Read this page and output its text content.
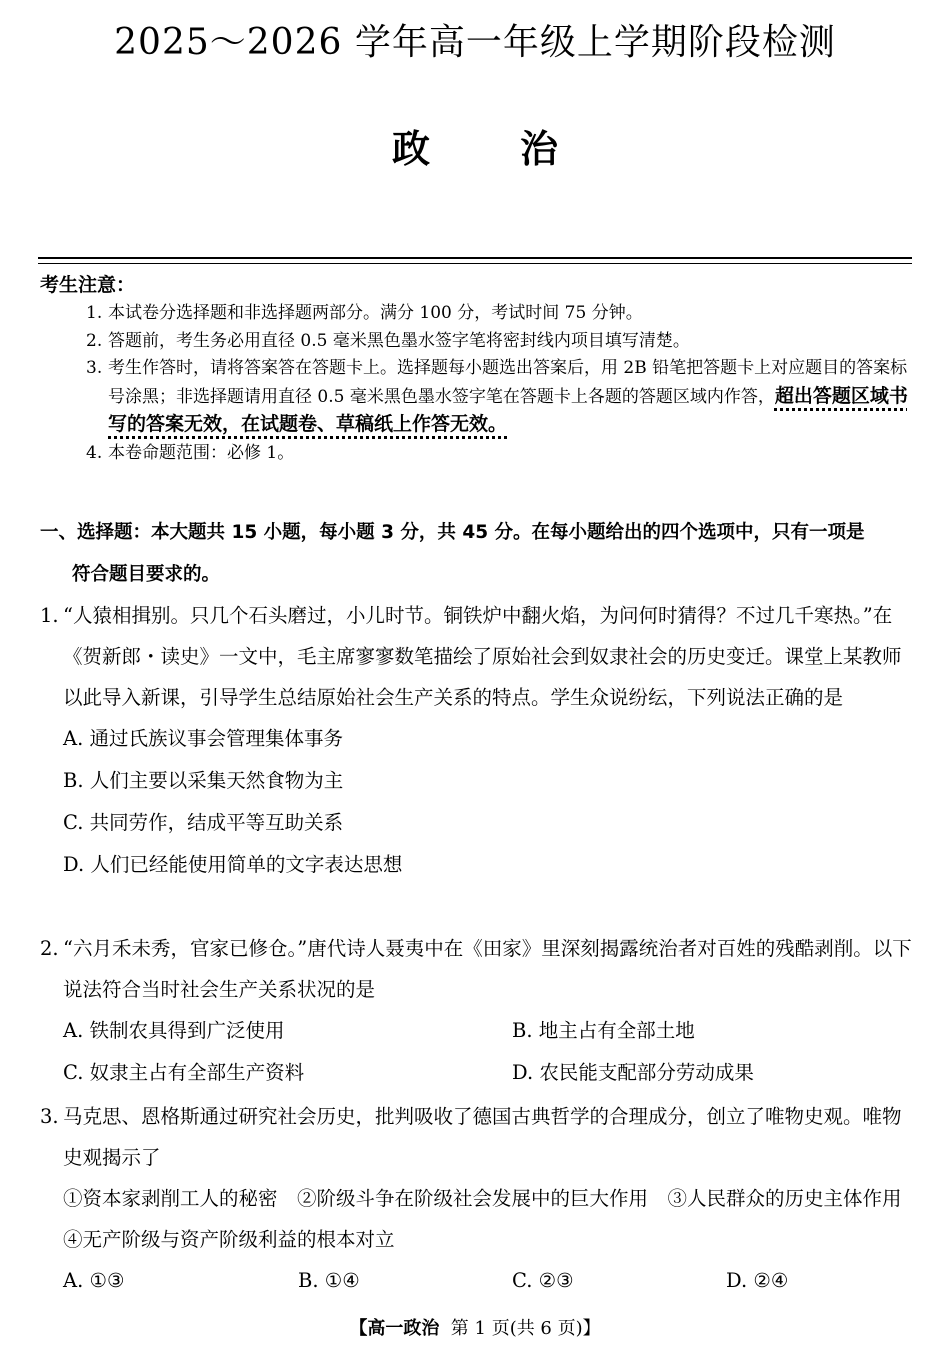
2025～2026 学年高一年级上学期阶段检测
政 治
考生注意：
1. 本试卷分选择题和非选择题两部分。满分 100 分，考试时间 75 分钟。
2. 答题前，考生务必用直径 0.5 毫米黑色墨水签字笔将密封线内项目填写清楚。
3. 考生作答时，请将答案答在答题卡上。选择题每小题选出答案后，用 2B 铅笔把答题卡上对应题目的答案标号涂黑；非选择题请用直径 0.5 毫米黑色墨水签字笔在答题卡上各题的答题区域内作答，超出答题区域书写的答案无效，在试题卷、草稿纸上作答无效。
4. 本卷命题范围：必修 1。
一、选择题：本大题共 15 小题，每小题 3 分，共 45 分。在每小题给出的四个选项中，只有一项是
符合题目要求的。

1. “人猿相揖别。只几个石头磨过，小儿时节。铜铁炉中翻火焰，为问何时猜得？不过几千寒热。”在《贺新郎・读史》一文中，毛主席寥寥数笔描绘了原始社会到奴隶社会的历史变迁。课堂上某教师以此导入新课，引导学生总结原始社会生产关系的特点。学生众说纷纭，下列说法正确的是

A. 通过氏族议事会管理集体事务
B. 人们主要以采集天然食物为主
C. 共同劳作，结成平等互助关系
D. 人们已经能使用简单的文字表达思想

2. “六月禾未秀，官家已修仓。”唐代诗人聂夷中在《田家》里深刻揭露统治者对百姓的残酷剥削。以下说法符合当时社会生产关系状况的是

A. 铁制农具得到广泛使用	B. 地主占有全部土地
C. 奴隶主占有全部生产资料	D. 农民能支配部分劳动成果

3. 马克思、恩格斯通过研究社会历史，批判吸收了德国古典哲学的合理成分，创立了唯物史观。唯物史观揭示了

①资本家剥削工人的秘密　②阶级斗争在阶级社会发展中的巨大作用　③人民群众的历史主体作用　④无产阶级与资产阶级利益的根本对立

A. ①③	B. ①④	C. ②③	D. ②④
【高一政治 第 1 页(共 6 页)】
